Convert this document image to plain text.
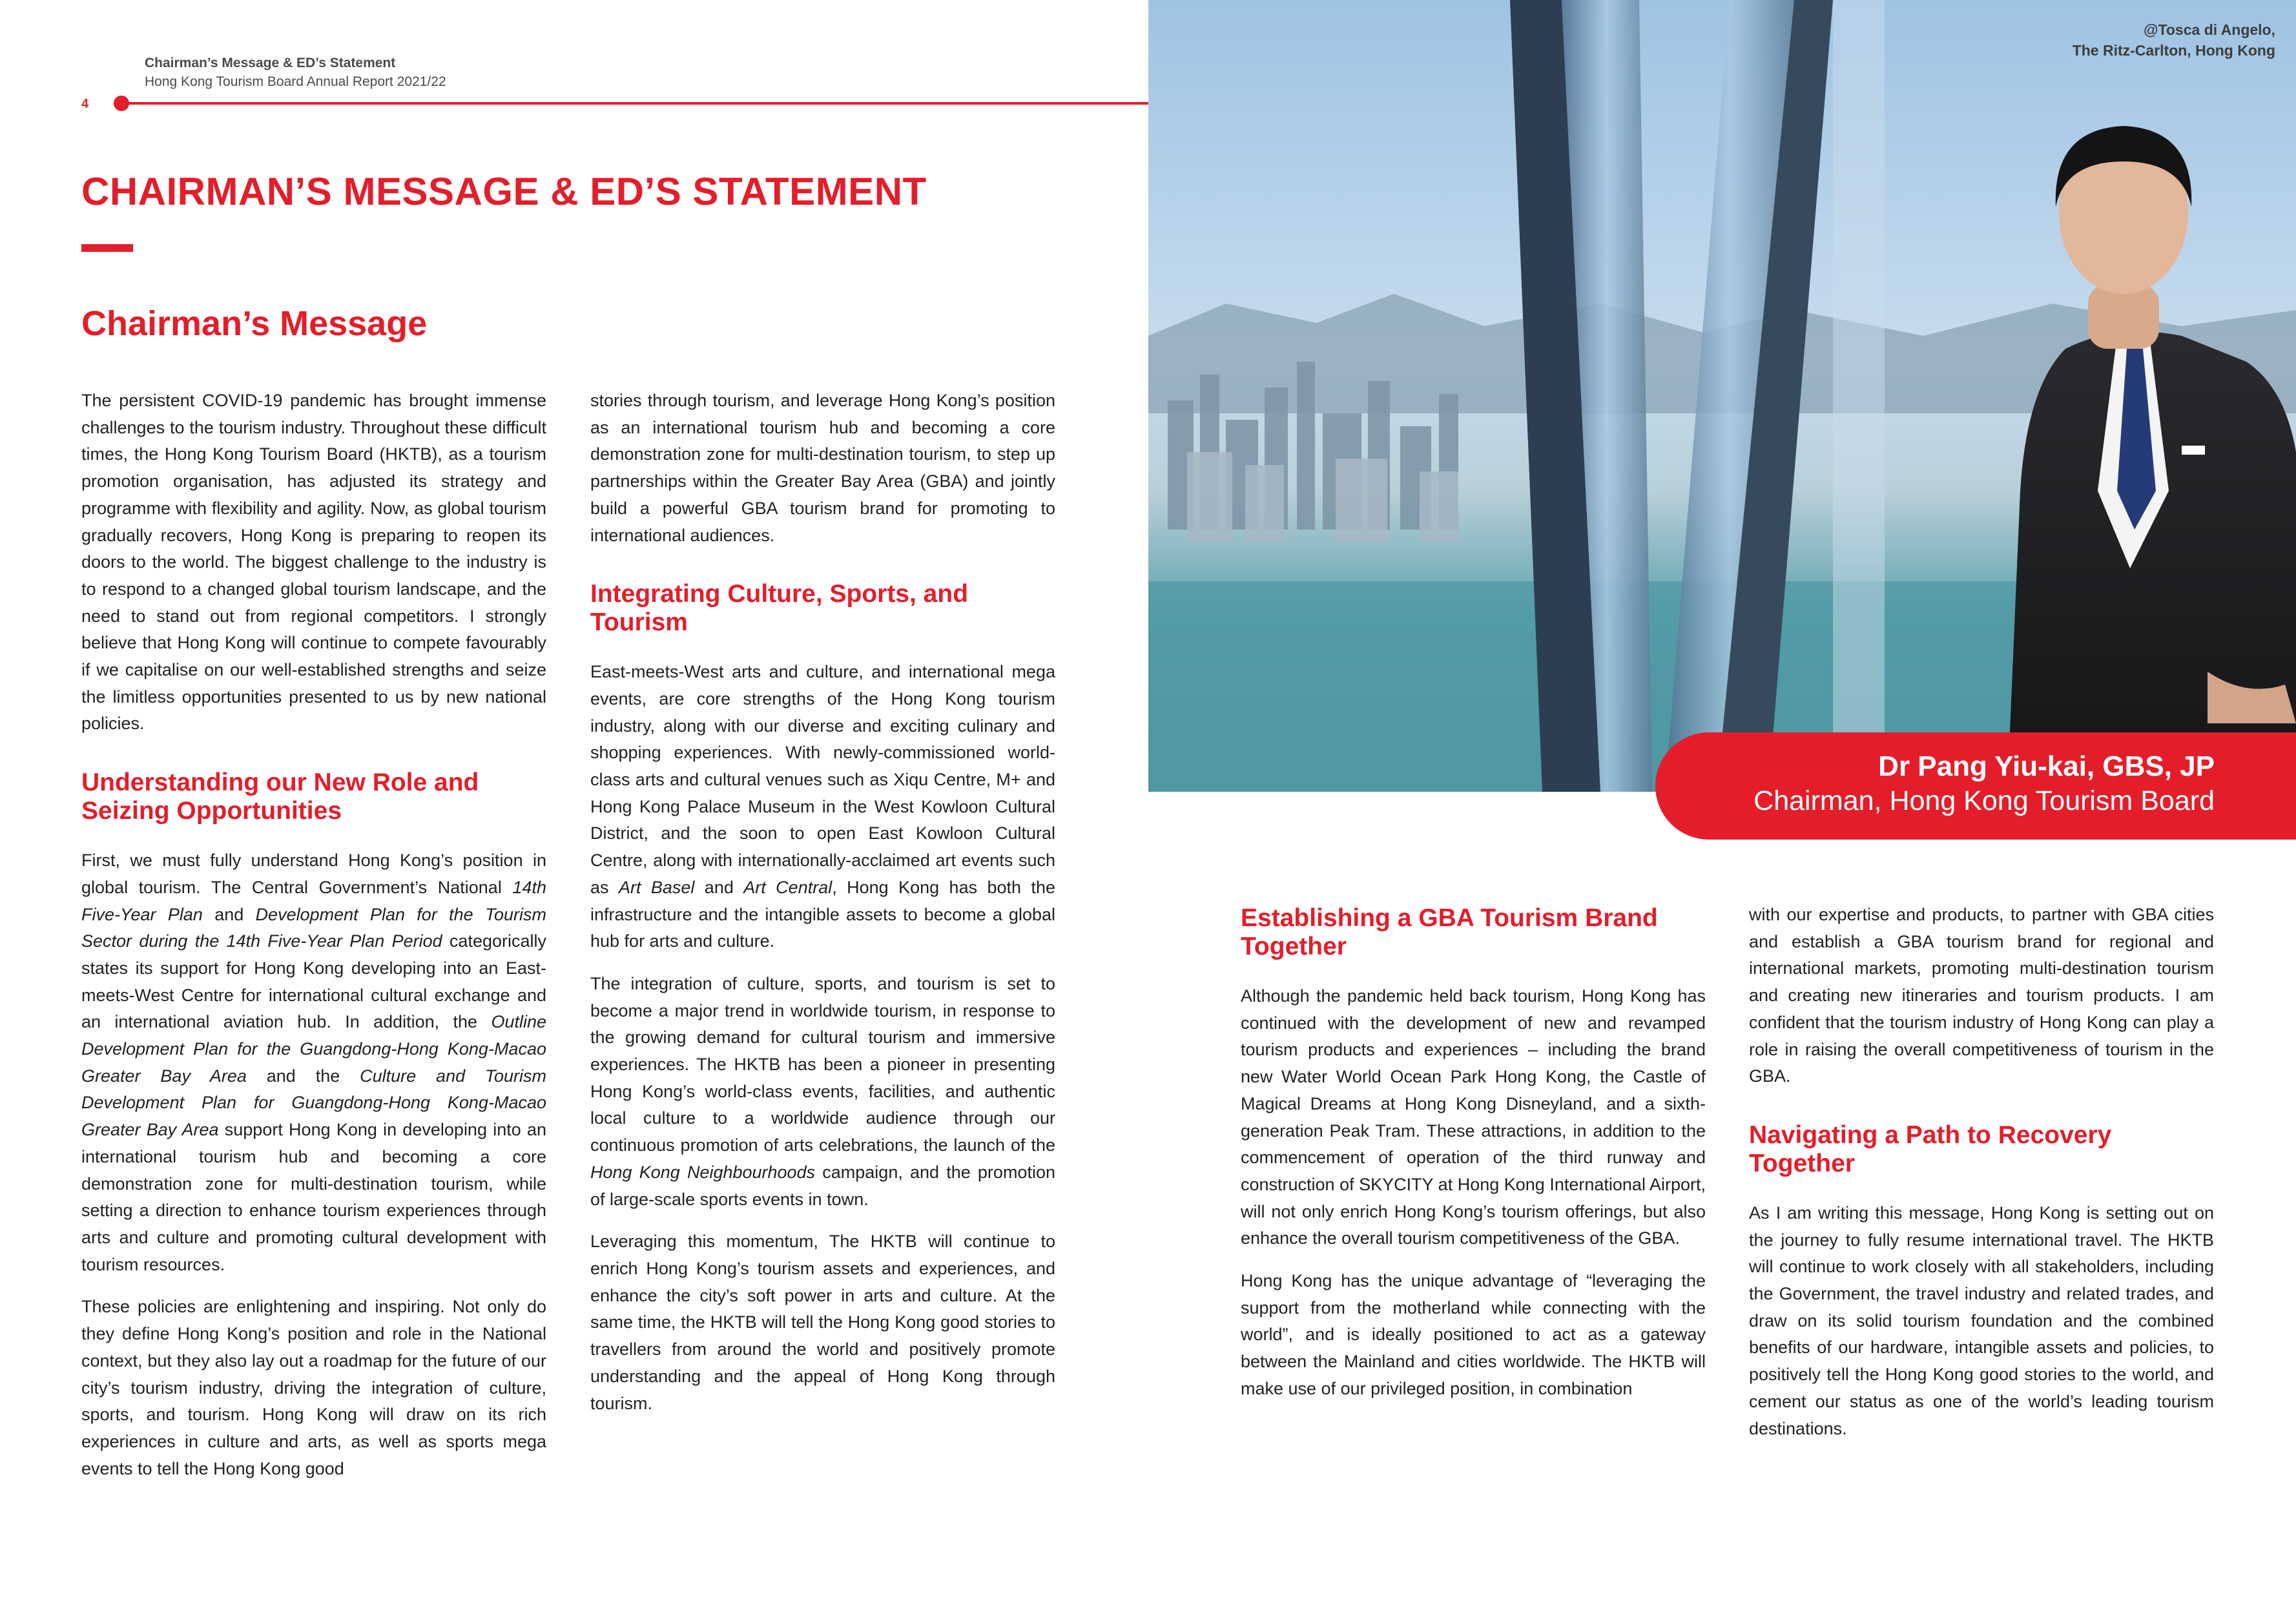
Chairman’s Message & ED’s Statement
Hong Kong Tourism Board Annual Report 2021/22
4
CHAIRMAN’S MESSAGE & ED’S STATEMENT
Chairman’s Message

The persistent COVID-19 pandemic has brought immense challenges to the tourism industry. Throughout these difficult times, the Hong Kong Tourism Board (HKTB), as a tourism promotion organisation, has adjusted its strategy and programme with flexibility and agility. Now, as global tourism gradually recovers, Hong Kong is preparing to reopen its doors to the world. The biggest challenge to the industry is to respond to a changed global tourism landscape, and the need to stand out from regional competitors. I strongly believe that Hong Kong will continue to compete favourably if we capitalise on our well-established strengths and seize the limitless opportunities presented to us by new national policies.

Understanding our New Role and Seizing Opportunities

First, we must fully understand Hong Kong’s position in global tourism. The Central Government’s National 14th Five-Year Plan and Development Plan for the Tourism Sector during the 14th Five-Year Plan Period categorically states its support for Hong Kong developing into an East-meets-West Centre for international cultural exchange and an international aviation hub. In addition, the Outline Development Plan for the Guangdong-Hong Kong-Macao Greater Bay Area and the Culture and Tourism Development Plan for Guangdong-Hong Kong-Macao Greater Bay Area support Hong Kong in developing into an international tourism hub and becoming a core demonstration zone for multi-destination tourism, while setting a direction to enhance tourism experiences through arts and culture and promoting cultural development with tourism resources.

These policies are enlightening and inspiring. Not only do they define Hong Kong’s position and role in the National context, but they also lay out a roadmap for the future of our city’s tourism industry, driving the integration of culture, sports, and tourism. Hong Kong will draw on its rich experiences in culture and arts, as well as sports mega events to tell the Hong Kong good

stories through tourism, and leverage Hong Kong’s position as an international tourism hub and becoming a core demonstration zone for multi-destination tourism, to step up partnerships within the Greater Bay Area (GBA) and jointly build a powerful GBA tourism brand for promoting to international audiences.

Integrating Culture, Sports, and Tourism

East-meets-West arts and culture, and international mega events, are core strengths of the Hong Kong tourism industry, along with our diverse and exciting culinary and shopping experiences. With newly-commissioned world-class arts and cultural venues such as Xiqu Centre, M+ and Hong Kong Palace Museum in the West Kowloon Cultural District, and the soon to open East Kowloon Cultural Centre, along with internationally-acclaimed art events such as Art Basel and Art Central, Hong Kong has both the infrastructure and the intangible assets to become a global hub for arts and culture.

The integration of culture, sports, and tourism is set to become a major trend in worldwide tourism, in response to the growing demand for cultural tourism and immersive experiences. The HKTB has been a pioneer in presenting Hong Kong’s world-class events, facilities, and authentic local culture to a worldwide audience through our continuous promotion of arts celebrations, the launch of the Hong Kong Neighbourhoods campaign, and the promotion of large-scale sports events in town.

Leveraging this momentum, The HKTB will continue to enrich Hong Kong’s tourism assets and experiences, and enhance the city’s soft power in arts and culture. At the same time, the HKTB will tell the Hong Kong good stories to travellers from around the world and positively promote understanding and the appeal of Hong Kong through tourism.

@Tosca di Angelo,
The Ritz-Carlton, Hong Kong
Dr Pang Yiu-kai, GBS, JP
Chairman, Hong Kong Tourism Board
Establishing a GBA Tourism Brand Together

Although the pandemic held back tourism, Hong Kong has continued with the development of new and revamped tourism products and experiences – including the brand new Water World Ocean Park Hong Kong, the Castle of Magical Dreams at Hong Kong Disneyland, and a sixth-generation Peak Tram. These attractions, in addition to the commencement of operation of the third runway and construction of SKYCITY at Hong Kong International Airport, will not only enrich Hong Kong’s tourism offerings, but also enhance the overall tourism competitiveness of the GBA.

Hong Kong has the unique advantage of “leveraging the support from the motherland while connecting with the world”, and is ideally positioned to act as a gateway between the Mainland and cities worldwide. The HKTB will make use of our privileged position, in combination

with our expertise and products, to partner with GBA cities and establish a GBA tourism brand for regional and international markets, promoting multi-destination tourism and creating new itineraries and tourism products. I am confident that the tourism industry of Hong Kong can play a role in raising the overall competitiveness of tourism in the GBA.

Navigating a Path to Recovery Together

As I am writing this message, Hong Kong is setting out on the journey to fully resume international travel. The HKTB will continue to work closely with all stakeholders, including the Government, the travel industry and related trades, and draw on its solid tourism foundation and the combined benefits of our hardware, intangible assets and policies, to positively tell the Hong Kong good stories to the world, and cement our status as one of the world’s leading tourism destinations.
